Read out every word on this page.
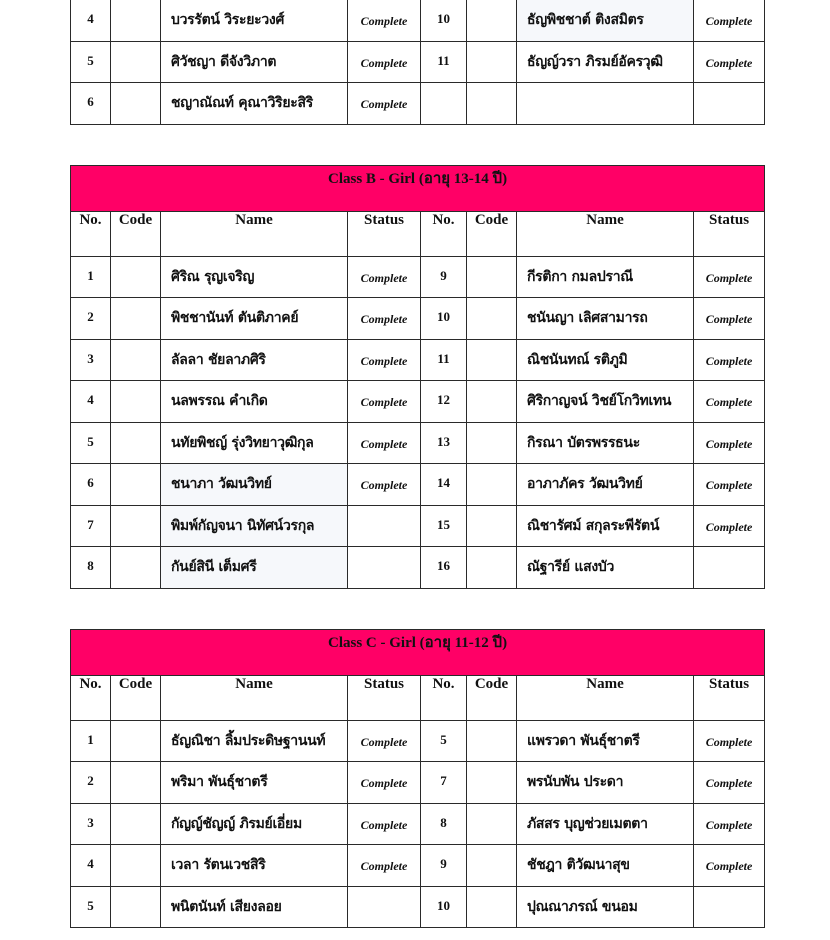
4		บวรรัตน์ วิระยะวงศ์	Complete	10		ธัญพิชชาต์ ติงสมิตร	Complete
5		ศิวัชญา ดีจังวิภาต	Complete	11		ธัญญ์วรา ภิรมย์อัครวุฒิ	Complete
6		ชญาณัณท์ คุณาวิริยะสิริ	Complete				
Class B - Girl (อายุ 13-14 ปี)							
No.	Code	Name	Status	No.	Code	Name	Status
1		ศิริณ รุญเจริญ	Complete	9		กีรติกา กมลปราณี	Complete
2		พิชชานันท์ ตันติภาคย์	Complete	10		ชนันญา เลิศสามารถ	Complete
3		ลัลลา ชัยลาภศิริ	Complete	11		ณิชนันทณ์ รติภูมิ	Complete
4		นลพรรณ คำเกิด	Complete	12		ศิริกาญจน์ วิชย์โกวิทเทน	Complete
5		นทัยพิชญ์ รุ่งวิทยาวุฒิกุล	Complete	13		กิรณา บัตรพรรธนะ	Complete
6		ชนาภา วัฒนวิทย์	Complete	14		อาภาภัคร วัฒนวิทย์	Complete
7		พิมพ์กัญจนา นิทัศน์วรกุล		15		ณิชารัศม์ สกุลระพีรัตน์	Complete
8		กันย์สินี เต็มศรี		16		ณัฐารีย์ แสงบัว	
Class C - Girl (อายุ 11-12 ปี)							
No.	Code	Name	Status	No.	Code	Name	Status
1		ธัญณิชา ลิ้มประดิษฐานนท์	Complete	5		แพรวดา พันธุ์ชาตรี	Complete
2		พริมา พันธุ์ชาตรี	Complete	7		พรนับพัน ประดา	Complete
3		กัญญ์ชัญญ์ ภิรมย์เอี่ยม	Complete	8		ภัสสร บุญช่วยเมตตา	Complete
4		เวลา รัตนเวชสิริ	Complete	9		ชัชฎา ติวัฒนาสุข	Complete
5		พนิตนันท์ เสียงลอย		10		ปุณณาภรณ์ ขนอม	
